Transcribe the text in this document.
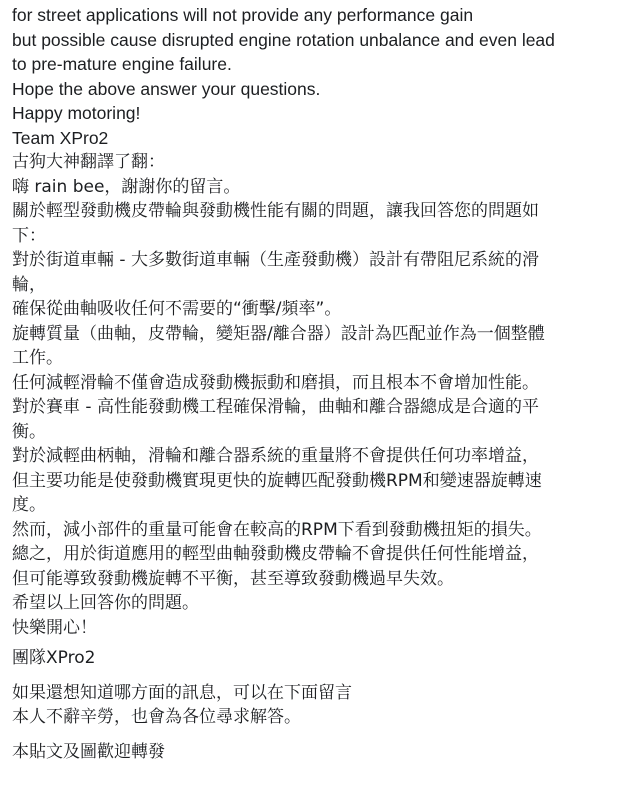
for street applications will not provide any performance gain
but possible cause disrupted engine rotation unbalance and even lead
to pre-mature engine failure.
Hope the above answer your questions.
Happy motoring!
Team XPro2
古狗大神翻譯了翻：
嗨 rain bee，謝謝你的留言。
關於輕型發動機皮帶輪與發動機性能有關的問題，讓我回答您的問題如
下：
對於街道車輛 - 大多數街道車輛（生產發動機）設計有帶阻尼系統的滑
輪，
確保從曲軸吸收任何不需要的“衝擊/頻率”。
旋轉質量（曲軸，皮帶輪，變矩器/離合器）設計為匹配並作為一個整體
工作。
任何減輕滑輪不僅會造成發動機振動和磨損，而且根本不會增加性能。
對於賽車 - 高性能發動機工程確保滑輪，曲軸和離合器總成是合適的平
衡。
對於減輕曲柄軸，滑輪和離合器系統的重量將不會提供任何功率增益，
但主要功能是使發動機實現更快的旋轉匹配發動機RPM和變速器旋轉速
度。
然而，減小部件的重量可能會在較高的RPM下看到發動機扭矩的損失。
總之，用於街道應用的輕型曲軸發動機皮帶輪不會提供任何性能增益，
但可能導致發動機旋轉不平衡，甚至導致發動機過早失效。
希望以上回答你的問題。
快樂開心！
團隊XPro2
如果還想知道哪方面的訊息，可以在下面留言
本人不辭辛勞，也會為各位尋求解答。
本貼文及圖歡迎轉發
